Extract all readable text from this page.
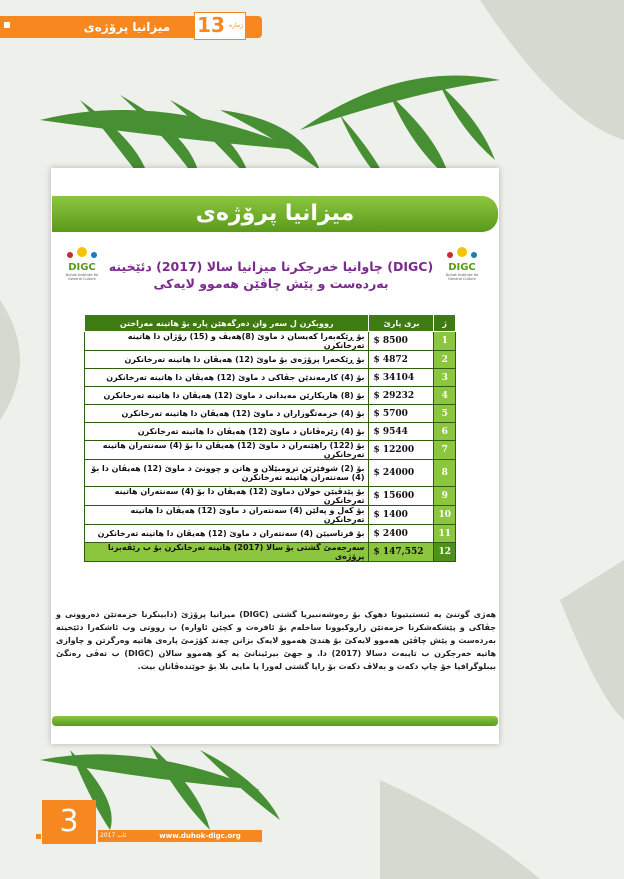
میزانیا پرۆژەی	13 ژمارە
میزانیا پرۆژەی
DIGC
Duhok Institute for General Culture
DIGC
Duhok Institute for General Culture
(DIGC) چاوانیا خەرجکرنا میزانیا سالا (2017) دئێخینە بەردەست و پێش چاڤێن هەموو لایەکی
ژ	بری پارێ	رووبکرن ل سەر وان دەرگەهێن پارە بۆ هاتینە مەزاختن
1	$ 8500	بۆ ڕێکەبەرا کەیسان د ماوێ (8)هەیڤ و (15) رۆژان دا هاتینە تەرخانکرن
2	$ 4872	بۆ ڕێکخەرا پرۆژەی بۆ ماوێ (12) هەیڤان دا هاتینە تەرخانکرن
3	$ 34104	بۆ (4) کارمەندێن جڤاکی د ماوێ (12) هەیڤان دا هاتینە تەرخانکرن
4	$ 29232	بۆ (8) هاریکارێن مەیدانی د ماوێ (12) هەیڤان دا هاتینە تەرخانکرن
5	$ 5700	بۆ (4) خزمەتگوزاران د ماوێ (12) هەیڤان دا هاتینە تەرخانکرن
6	$ 9544	بۆ (4) زێرەڤانان د ماوێ (12) هەیڤان دا هاتینە تەرخانکرن
7	$ 12200	بۆ (122) راهێنەران د ماوێ (12) هەیڤان دا بۆ (4) سەنتەران هاتینە تەرخانکرن
8	$ 24000	بۆ (2) شوفێرێن ترومبێلان و هاتن و چوونێ د ماوێ (12) هەیڤان دا بۆ (4) سەنتەران هاتینە تەرخانکرن
9	$ 15600	بۆ پێدڤیێن خولان دماوێ (12) هەیڤان دا بۆ (4) سەنتەران هاتینە تەرخانکرن
10	$ 1400	بۆ کەل و پەلێن (4) سەنتەران د ماوێ (12) هەیڤان دا هاتینە تەرخانکرن
11	$ 2400	بۆ قرتاسیێن (4) سەنتەران د ماوێ (12) هەیڤان دا هاتینە تەرخانکرن
12	$ 147,552	سەرجەمێ گشتی بۆ سالا (2017) هاتینە تەرخانکرن بۆ ب رێڤەبرنا پرۆژەی
هەژی گوتنێ یە ئنستیتیوتا دهوک بۆ رەوشەنبیریا گشتی (DIGC) میزانیا پرۆژێ (دابینکرنا خزمەتێن دەروونی و جڤاکی و پێشکەشکرنا خزمەتێن زاروکبوونا ساخلەم بۆ ئافرەت و کچێن ئاوارە) ب رووتی وب ئاشکەرا دئێخیتە بەردەست و پێش چاڤێن هەموو لایەکێ بۆ هندێ هەموو لایەک بزانن چەند کۆژمێ پارەی هاتیە وەرگرتن و چاوازی هاتیە خەرجکرن ب تایبەت دسالا (2017) دا. و جهێ بیرئینانێ یە کو هەموو سالان (DIGC) ب تەڤی رەنگێ بیبلوگرافیا خۆ چاپ دکەت و بەلاڤ دکەت بۆ رایا گشتی لەورا یا مایی بلا بۆ خوێندەڤانان بیت.
3	2017 ئاب	www.duhok-digc.org
